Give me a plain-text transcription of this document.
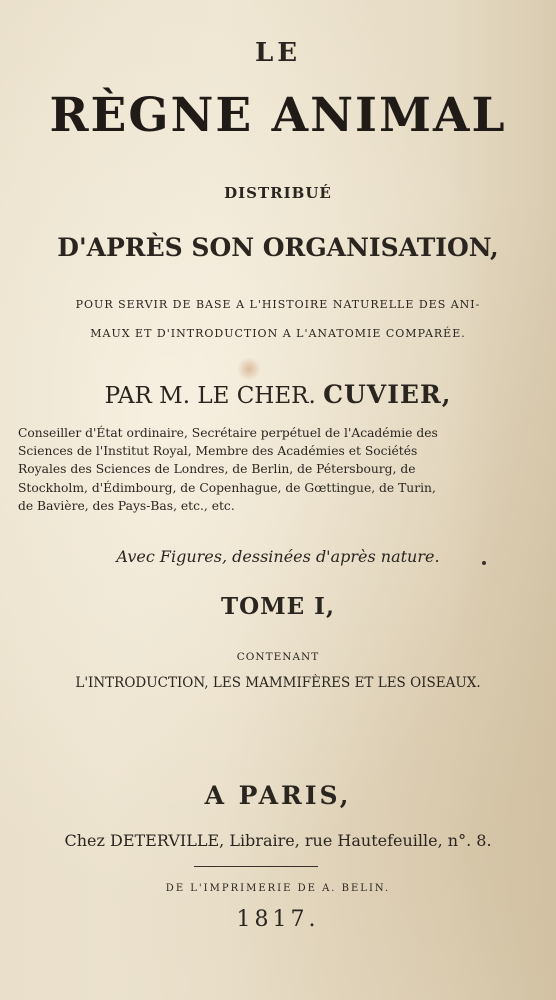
LE
RÈGNE ANIMAL
DISTRIBUÉ
D'APRÈS SON ORGANISATION,
POUR SERVIR DE BASE A L'HISTOIRE NATURELLE DES ANI-
MAUX ET D'INTRODUCTION A L'ANATOMIE COMPARÉE.
PAR M. LE CHER. CUVIER,
Conseiller d'État ordinaire, Secrétaire perpétuel de l'Académie des
Sciences de l'Institut Royal, Membre des Académies et Sociétés
Royales des Sciences de Londres, de Berlin, de Pétersbourg, de
Stockholm, d'Édimbourg, de Copenhague, de Gœttingue, de Turin,
de Bavière, des Pays-Bas, etc., etc.
Avec Figures, dessinées d'après nature.
TOME I,
CONTENANT
L'INTRODUCTION, LES MAMMIFÈRES ET LES OISEAUX.
A PARIS,
Chez DETERVILLE, Libraire, rue Hautefeuille, n°. 8.
DE L'IMPRIMERIE DE A. BELIN.
1817.
